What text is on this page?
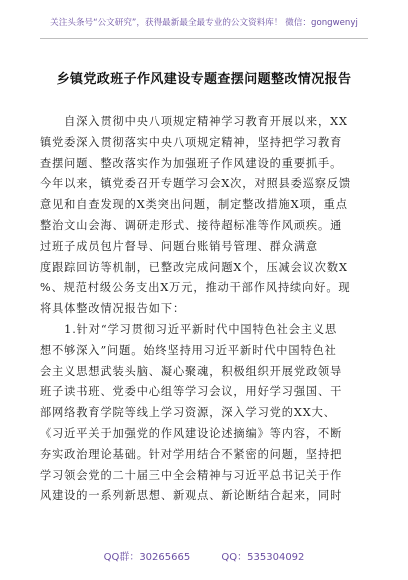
关注头条号“公文研究”，获得最新最全最专业的公文资料库！ 微信：gongwenyj
乡镇党政班子作风建设专题查摆问题整改情况报告
　　自深入贯彻中央八项规定精神学习教育开展以来，XX
镇党委深入贯彻落实中央八项规定精神，坚持把学习教育
查摆问题、整改落实作为加强班子作风建设的重要抓手。
今年以来，镇党委召开专题学习会X次，对照县委巡察反馈
意见和自查发现的X类突出问题，制定整改措施X项，重点
整治文山会海、调研走形式、接待超标准等作风顽疾。通
过班子成员包片督导、问题台账销号管理、群众满意
度跟踪回访等机制，已整改完成问题X个，压减会议次数X
%、规范村级公务支出X万元，推动干部作风持续向好。现
将具体整改情况报告如下：
　　1.针对“学习贯彻习近平新时代中国特色社会主义思
想不够深入”问题。始终坚持用习近平新时代中国特色社
会主义思想武装头脑、凝心聚魂，积极组织开展党政领导
班子读书班、党委中心组等学习会议，用好学习强国、干
部网络教育学院等线上学习资源，深入学习党的XX大、
《习近平关于加强党的作风建设论述摘编》等内容，不断
夯实政治理论基础。针对学用结合不紧密的问题，坚持把
学习领会党的二十届三中全会精神与习近平总书记关于作
风建设的一系列新思想、新观点、新论断结合起来，同时
QQ群：30265665	QQ：535304092
